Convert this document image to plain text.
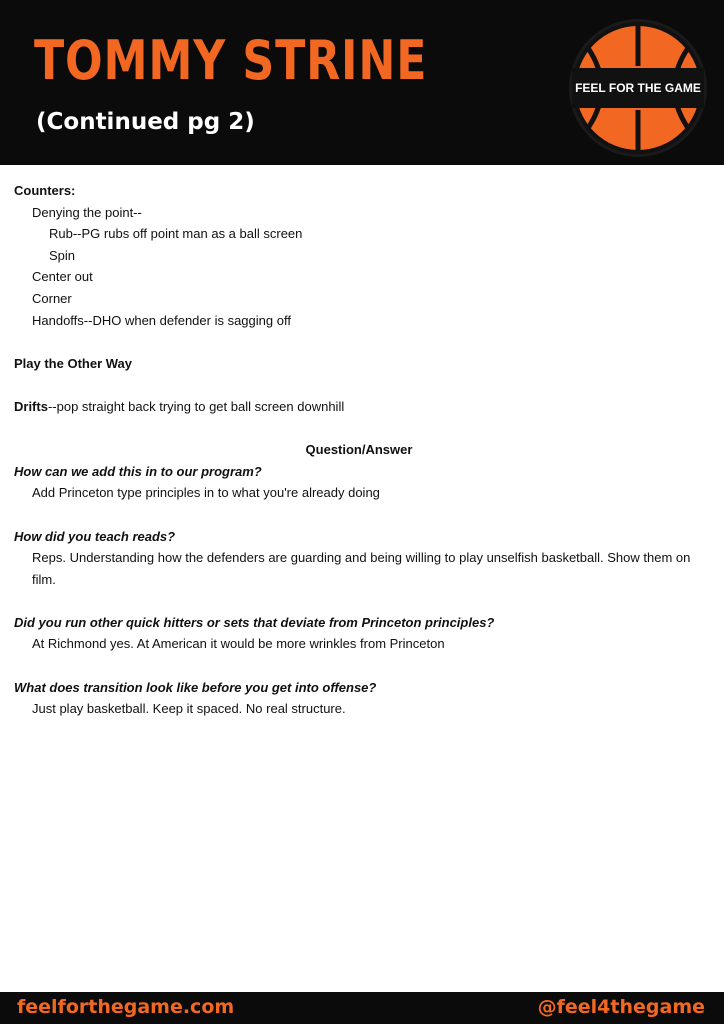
TOMMY STRINE
(Continued pg 2)
FEEL FOR THE GAME
Counters:
Denying the point--
Rub--PG rubs off point man as a ball screen
Spin
Center out
Corner
Handoffs--DHO when defender is sagging off
Play the Other Way
Drifts--pop straight back trying to get ball screen downhill
Question/Answer
How can we add this in to our program?
Add Princeton type principles in to what you're already doing
How did you teach reads?
Reps. Understanding how the defenders are guarding and being willing to play unselfish basketball. Show them on film.
Did you run other quick hitters or sets that deviate from Princeton principles?
At Richmond yes. At American it would be more wrinkles from Princeton
What does transition look like before you get into offense?
Just play basketball. Keep it spaced. No real structure.
feelforthegame.com	@feel4thegame
